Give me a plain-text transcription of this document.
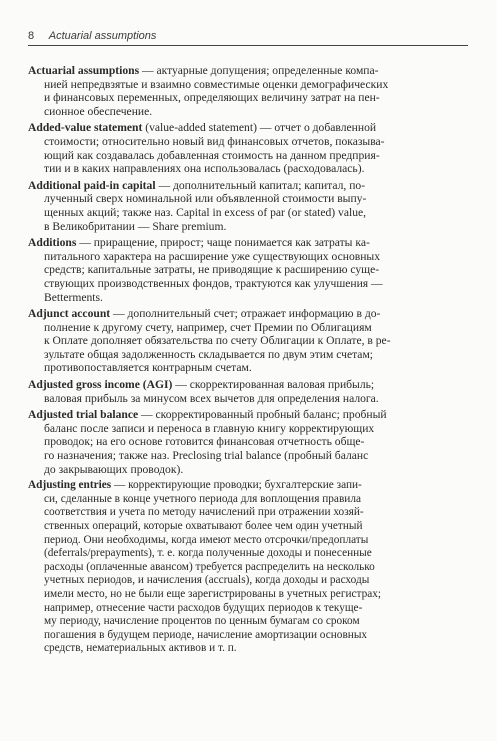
8 Actuarial assumptions
Actuarial assumptions — актуарные допущения; определенные компа-
нией непредвзятые и взаимно совместимые оценки демографических
и финансовых переменных, определяющих величину затрат на пен-
сионное обеспечение.
Added-value statement (value-added statement) — отчет о добавленной
стоимости; относительно новый вид финансовых отчетов, показыва-
ющий как создавалась добавленная стоимость на данном предприя-
тии и в каких направлениях она использовалась (расходовалась).
Additional paid-in capital — дополнительный капитал; капитал, по-
лученный сверх номинальной или объявленной стоимости выпу-
щенных акций; также наз. Capital in excess of par (or stated) value,
в Великобритании — Share premium.
Additions — приращение, прирост; чаще понимается как затраты ка-
питального характера на расширение уже существующих основных
средств; капитальные затраты, не приводящие к расширению суще-
ствующих производственных фондов, трактуются как улучшения —
Betterments.
Adjunct account — дополнительный счет; отражает информацию в до-
полнение к другому счету, например, счет Премии по Облигациям
к Оплате дополняет обязательства по счету Облигации к Оплате, в ре-
зультате общая задолженность складывается по двум этим счетам;
противопоставляется контрарным счетам.
Adjusted gross income (AGI) — скорректированная валовая прибыль;
валовая прибыль за минусом всех вычетов для определения налога.
Adjusted trial balance — скорректированный пробный баланс; пробный
баланс после записи и переноса в главную книгу корректирующих
проводок; на его основе готовится финансовая отчетность обще-
го назначения; также наз. Preclosing trial balance (пробный баланс
до закрывающих проводок).
Adjusting entries — корректирующие проводки; бухгалтерские запи-
си, сделанные в конце учетного периода для воплощения правила
соответствия и учета по методу начислений при отражении хозяй-
ственных операций, которые охватывают более чем один учетный
период. Они необходимы, когда имеют место отсрочки/предоплаты
(deferrals/prepayments), т. е. когда полученные доходы и понесенные
расходы (оплаченные авансом) требуется распределить на несколько
учетных периодов, и начисления (accruals), когда доходы и расходы
имели место, но не были еще зарегистрированы в учетных регистрах;
например, отнесение части расходов будущих периодов к текуще-
му периоду, начисление процентов по ценным бумагам со сроком
погашения в будущем периоде, начисление амортизации основных
средств, нематериальных активов и т. п.
